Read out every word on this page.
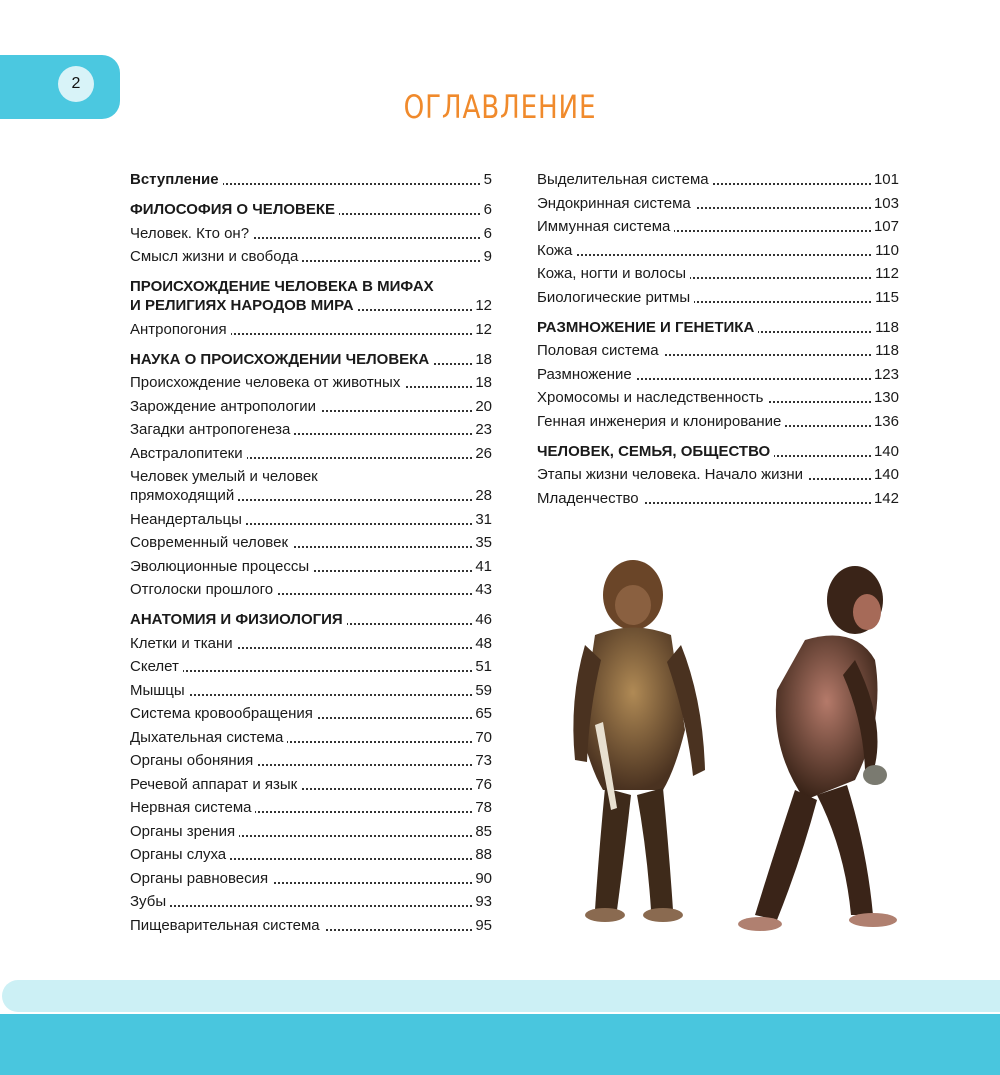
2
ОГЛАВЛЕНИЕ
Вступление	5
ФИЛОСОФИЯ О ЧЕЛОВЕКЕ	6
Человек. Кто он?	6
Смысл жизни и свобода	9
ПРОИСХОЖДЕНИЕ ЧЕЛОВЕКА В МИФАХ
И РЕЛИГИЯХ НАРОДОВ МИРА	12
Антропогония	12
НАУКА О ПРОИСХОЖДЕНИИ ЧЕЛОВЕКА	18
Происхождение человека от животных	18
Зарождение антропологии	20
Загадки антропогенеза	23
Австралопитеки	26
Человек умелый и человек
прямоходящий	28
Неандертальцы	31
Современный человек	35
Эволюционные процессы	41
Отголоски прошлого	43
АНАТОМИЯ И ФИЗИОЛОГИЯ	46
Клетки и ткани	48
Скелет	51
Мышцы	59
Система кровообращения	65
Дыхательная система	70
Органы обоняния	73
Речевой аппарат и язык	76
Нервная система	78
Органы зрения	85
Органы слуха	88
Органы равновесия	90
Зубы	93
Пищеварительная система	95
Выделительная система	101
Эндокринная система	103
Иммунная система	107
Кожа	110
Кожа, ногти и волосы	112
Биологические ритмы	115
РАЗМНОЖЕНИЕ И ГЕНЕТИКА	118
Половая система	118
Размножение	123
Хромосомы и наследственность	130
Генная инженерия и клонирование	136
ЧЕЛОВЕК, СЕМЬЯ, ОБЩЕСТВО	140
Этапы жизни человека. Начало жизни	140
Младенчество	142
